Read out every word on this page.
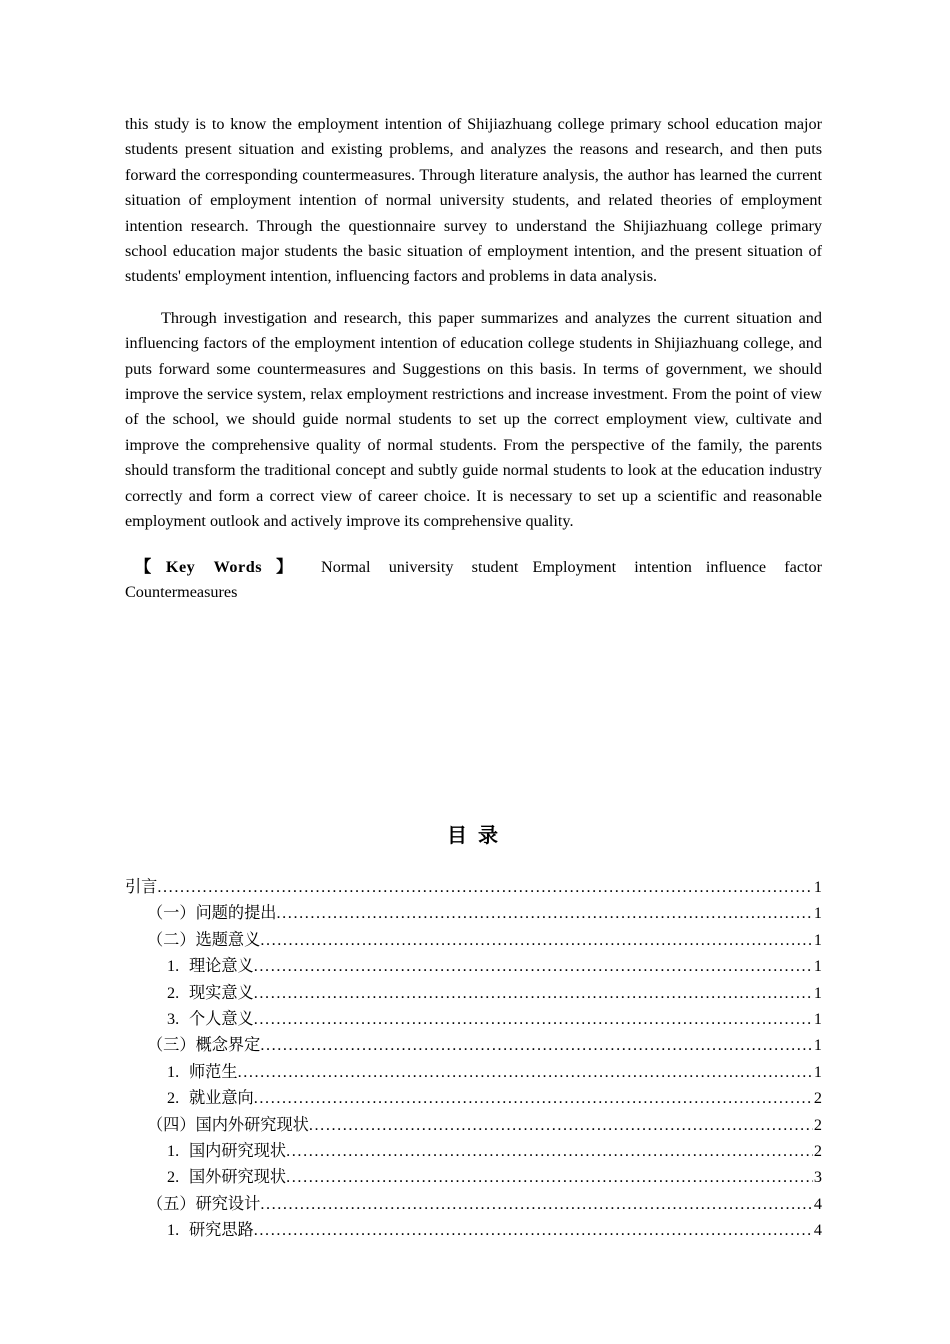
this study is to know the employment intention of Shijiazhuang college primary school education major students present situation and existing problems, and analyzes the reasons and research, and then puts forward the corresponding countermeasures. Through literature analysis, the author has learned the current situation of employment intention of normal university students, and related theories of employment intention research. Through the questionnaire survey to understand the Shijiazhuang college primary school education major students the basic situation of employment intention, and the present situation of students' employment intention, influencing factors and problems in data analysis.

Through investigation and research, this paper summarizes and analyzes the current situation and influencing factors of the employment intention of education college students in Shijiazhuang college, and puts forward some countermeasures and Suggestions on this basis. In terms of government, we should improve the service system, relax employment restrictions and increase investment. From the point of view of the school, we should guide normal students to set up the correct employment view, cultivate and improve the comprehensive quality of normal students. From the perspective of the family, the parents should transform the traditional concept and subtly guide normal students to look at the education industry correctly and form a correct view of career choice. It is necessary to set up a scientific and reasonable employment outlook and actively improve its comprehensive quality.

【Key Words】 Normal university student Employment intention influence factor Countermeasures

目 录
引言 .....	1
（一） 问题的提出 .....	1
（二） 选题意义 .....	1
1. 理论意义 .....	1
2. 现实意义 .....	1
3. 个人意义 .....	1
（三） 概念界定 .....	1
1. 师范生 .....	1
2. 就业意向 .....	2
（四） 国内外研究现状 .....	2
1. 国内研究现状 .....	2
2. 国外研究现状 .....	3
（五） 研究设计 .....	4
1. 研究思路 .....	4
